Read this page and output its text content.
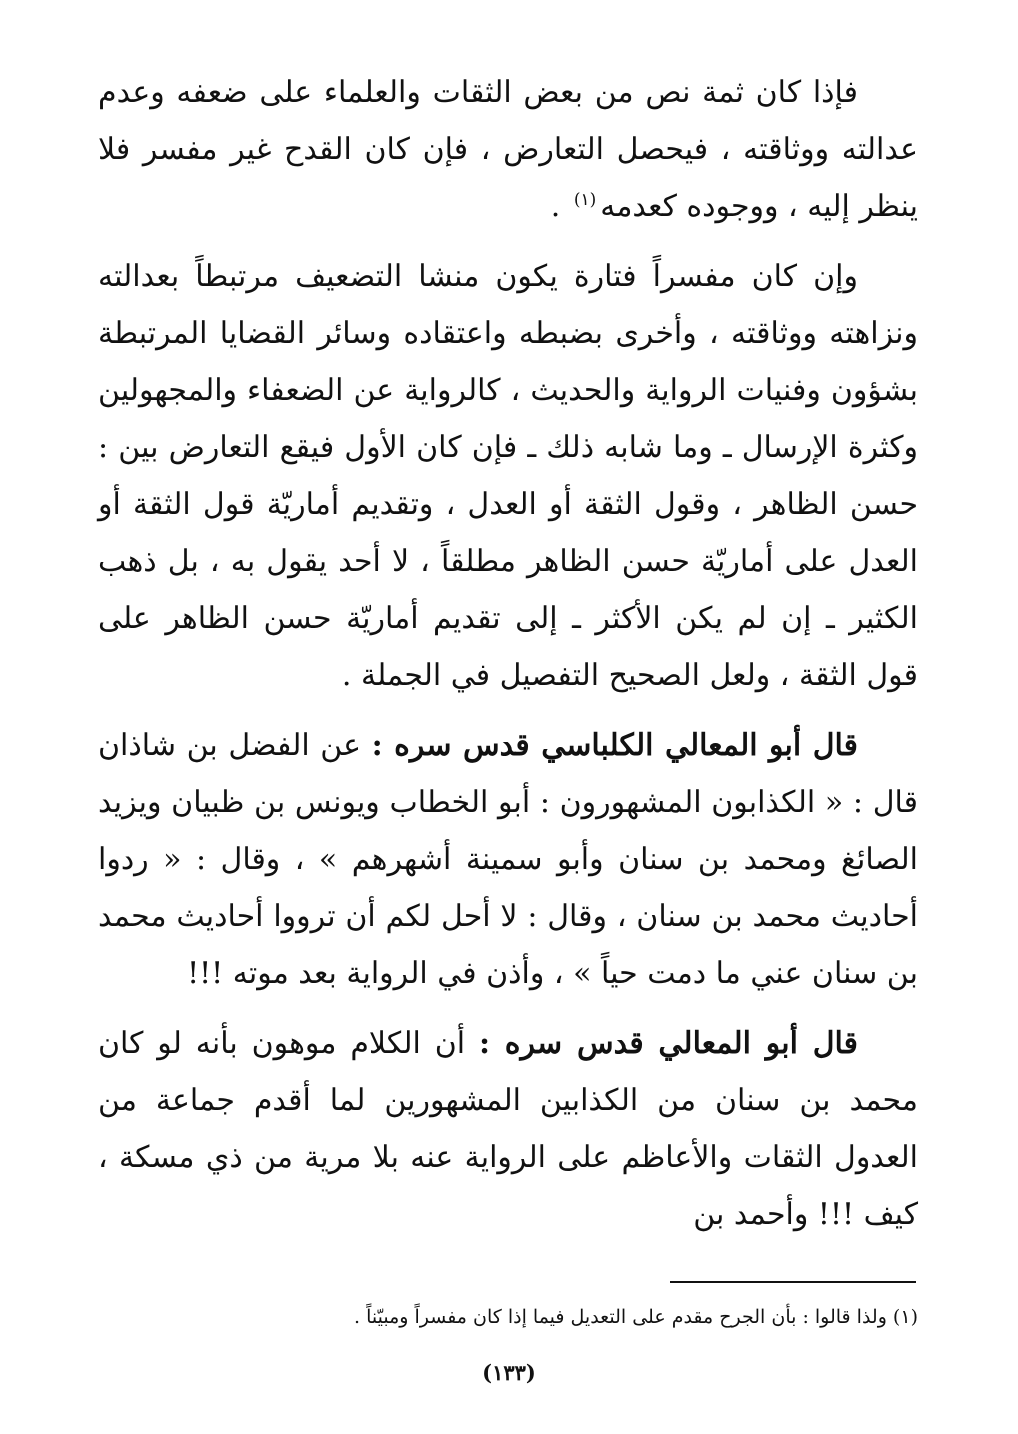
فإذا كان ثمة نص من بعض الثقات والعلماء على ضعفه وعدم عدالته ووثاقته ، فيحصل التعارض ، فإن كان القدح غير مفسر فلا ينظر إليه ، ووجوده كعدمه$^{(١)}$ .

وإن كان مفسراً فتارة يكون منشا التضعيف مرتبطاً بعدالته ونزاهته ووثاقته ، وأخرى بضبطه واعتقاده وسائر القضايا المرتبطة بشؤون وفنيات الرواية والحديث ، كالرواية عن الضعفاء والمجهولين وكثرة الإرسال ـ وما شابه ذلك ـ فإن كان الأول فيقع التعارض بين : حسن الظاهر ، وقول الثقة أو العدل ، وتقديم أماريّة قول الثقة أو العدل على أماريّة حسن الظاهر مطلقاً ، لا أحد يقول به ، بل ذهب الكثير ـ إن لم يكن الأكثر ـ إلى تقديم أماريّة حسن الظاهر على قول الثقة ، ولعل الصحيح التفصيل في الجملة .

قال أبو المعالي الكلباسي قدس سره : عن الفضل بن شاذان قال : « الكذابون المشهورون : أبو الخطاب ويونس بن ظبيان ويزيد الصائغ ومحمد بن سنان وأبو سمينة أشهرهم » ، وقال : « ردوا أحاديث محمد بن سنان ، وقال : لا أحل لكم أن ترووا أحاديث محمد بن سنان عني ما دمت حياً » ، وأذن في الرواية بعد موته !!!

قال أبو المعالي قدس سره : أن الكلام موهون بأنه لو كان محمد بن سنان من الكذابين المشهورين لما أقدم جماعة من العدول الثقات والأعاظم على الرواية عنه بلا مرية من ذي مسكة ، كيف !!! وأحمد بن

(١) ولذا قالوا : بأن الجرح مقدم على التعديل فيما إذا كان مفسراً ومبيّناً .
(١٣٣)
